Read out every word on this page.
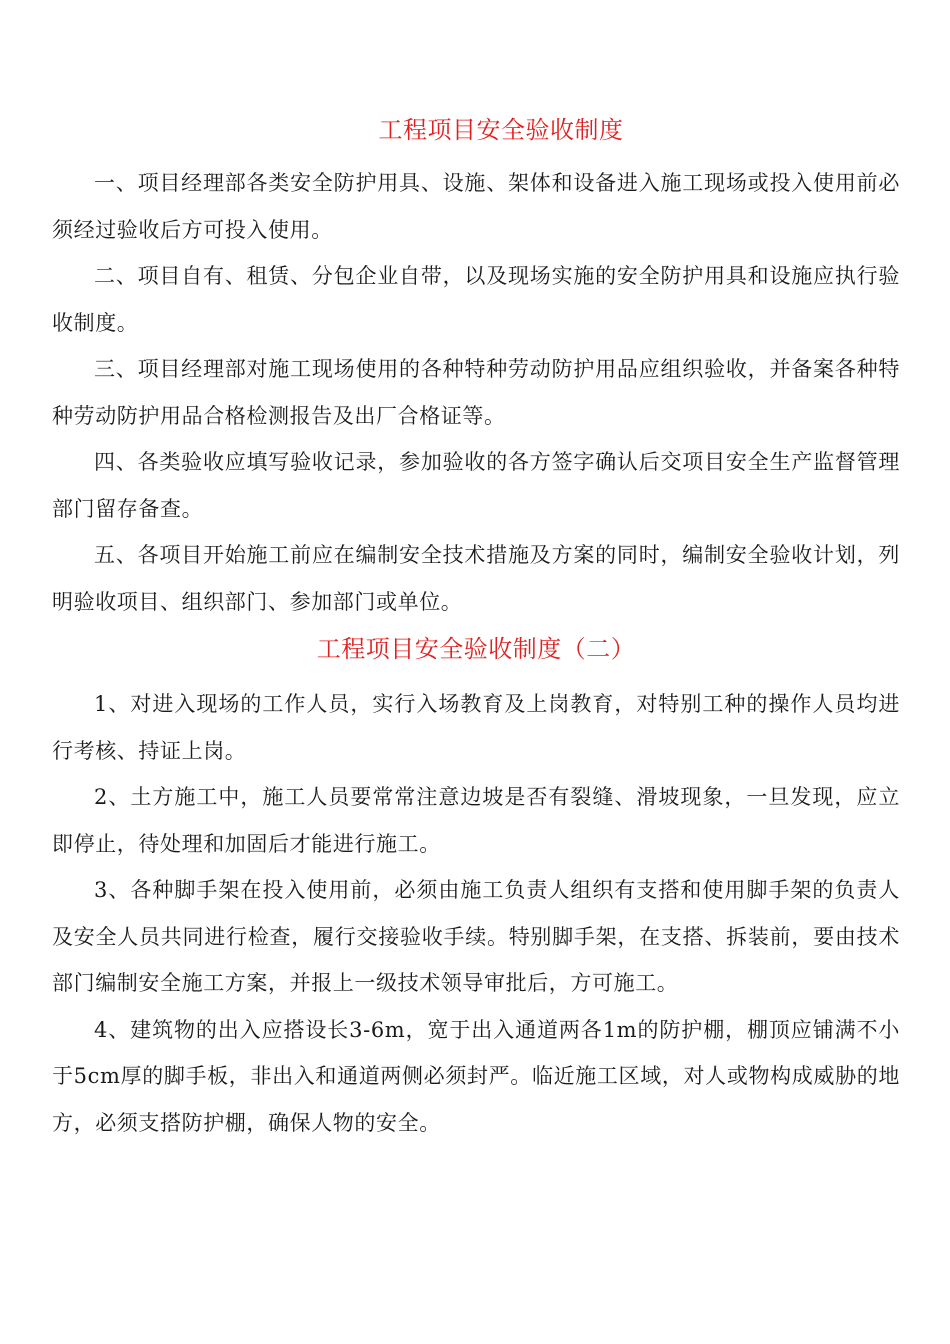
工程项目安全验收制度

一、项目经理部各类安全防护用具、设施、架体和设备进入施工现场或投入使用前必须经过验收后方可投入使用。

二、项目自有、租赁、分包企业自带，以及现场实施的安全防护用具和设施应执行验收制度。

三、项目经理部对施工现场使用的各种特种劳动防护用品应组织验收，并备案各种特种劳动防护用品合格检测报告及出厂合格证等。

四、各类验收应填写验收记录，参加验收的各方签字确认后交项目安全生产监督管理部门留存备查。

五、各项目开始施工前应在编制安全技术措施及方案的同时，编制安全验收计划，列明验收项目、组织部门、参加部门或单位。

工程项目安全验收制度（二）

1、对进入现场的工作人员，实行入场教育及上岗教育，对特别工种的操作人员均进行考核、持证上岗。

2、土方施工中，施工人员要常常注意边坡是否有裂缝、滑坡现象，一旦发现，应立即停止，待处理和加固后才能进行施工。

3、各种脚手架在投入使用前，必须由施工负责人组织有支搭和使用脚手架的负责人及安全人员共同进行检查，履行交接验收手续。特别脚手架，在支搭、拆装前，要由技术部门编制安全施工方案，并报上一级技术领导审批后，方可施工。

4、建筑物的出入应搭设长3-6m，宽于出入通道两各1m的防护棚，棚顶应铺满不小于5cm厚的脚手板，非出入和通道两侧必须封严。临近施工区域，对人或物构成威胁的地方，必须支搭防护棚，确保人物的安全。
